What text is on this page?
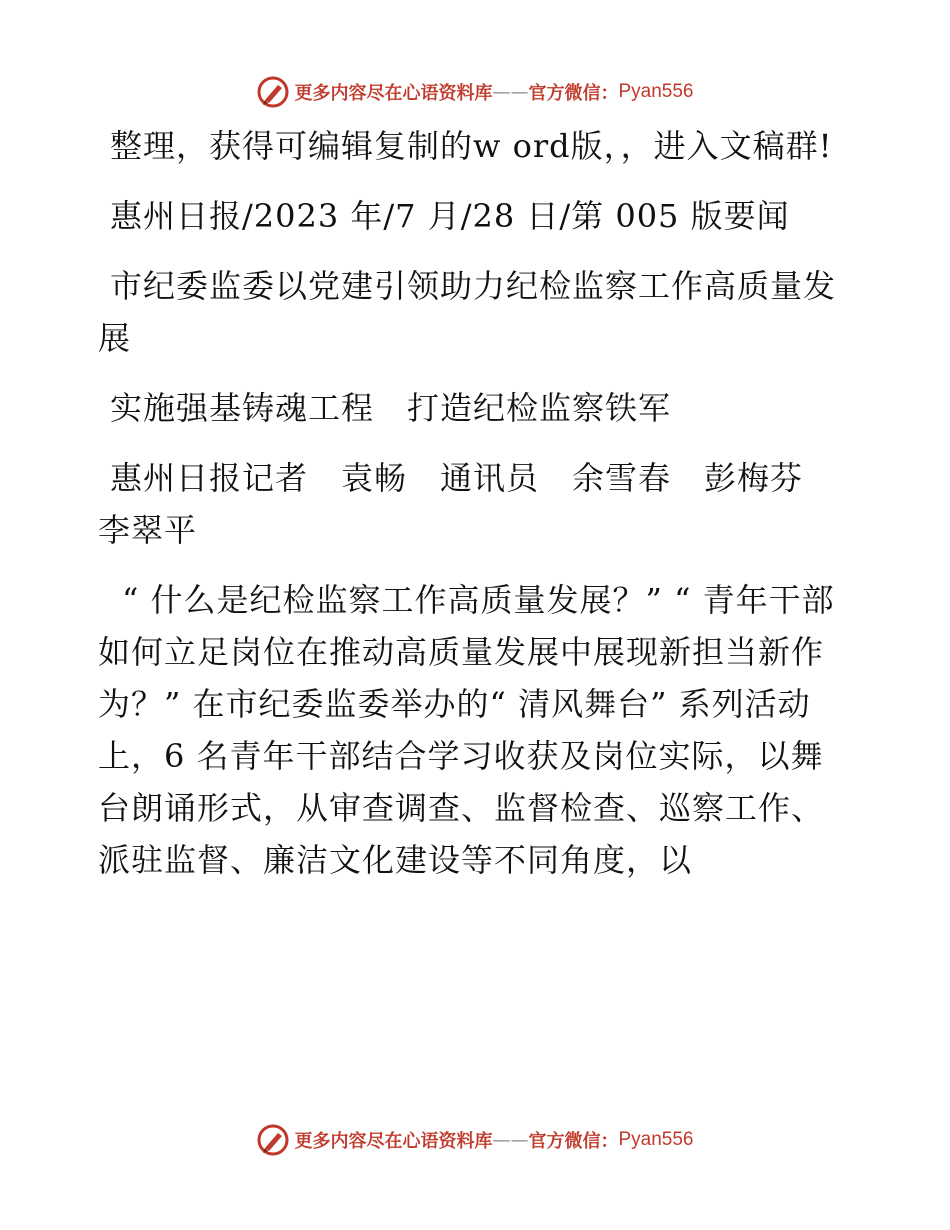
更多内容尽在心语资料库 —— 官方微信： Pyan556

整理，获得可编辑复制的w ord版，，进入文稿群!

惠州日报/2023 年/7 月/28 日/第 005 版要闻

市纪委监委以党建引领助力纪检监察工作高质量发展

实施强基铸魂工程　打造纪检监察铁军

惠州日报记者　袁畅　通讯员　余雪春　彭梅芬　李翠平

“ 什么是纪检监察工作高质量发展？” “ 青年干部如何立足岗位在推动高质量发展中展现新担当新作为？” 在市纪委监委举办的“ 清风舞台” 系列活动上，6 名青年干部结合学习收获及岗位实际，以舞台朗诵形式，从审查调查、监督检查、巡察工作、派驻监督、廉洁文化建设等不同角度，以

更多内容尽在心语资料库 —— 官方微信： Pyan556
